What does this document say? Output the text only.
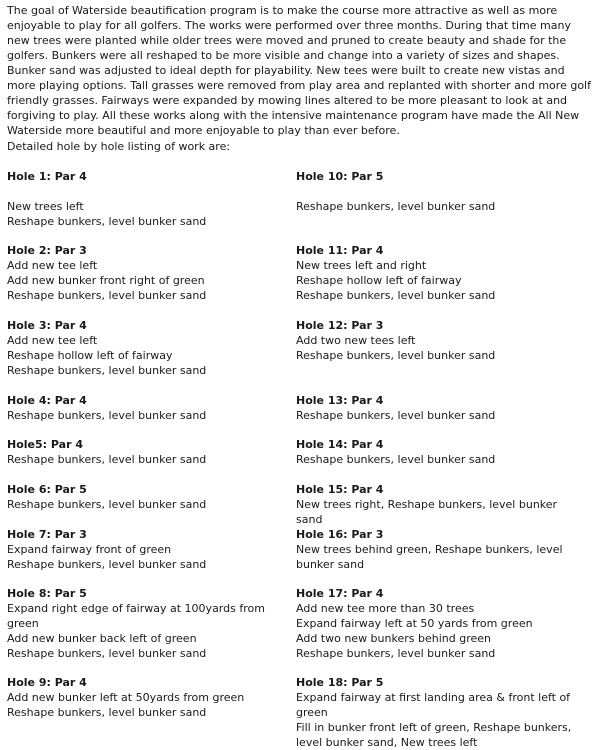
The goal of Waterside beautification program is to make the course more attractive as well as more enjoyable to play for all golfers. The works were performed over three months. During that time many new trees were planted while older trees were moved and pruned to create beauty and shade for the golfers. Bunkers were all reshaped to be more visible and change into a variety of sizes and shapes. Bunker sand was adjusted to ideal depth for playability. New tees were built to create new vistas and more playing options. Tall grasses were removed from play area and replanted with shorter and more golf friendly grasses. Fairways were expanded by mowing lines altered to be more pleasant to look at and forgiving to play. All these works along with the intensive maintenance program have made the All New Waterside more beautiful and more enjoyable to play than ever before.

Detailed hole by hole listing of work are:

Hole 1: Par 4
New trees left
Reshape bunkers, level bunker sand
Hole 2: Par 3
Add new tee left
Add new bunker front right of green
Reshape bunkers, level bunker sand
Hole 3: Par 4
Add new tee left
Reshape hollow left of fairway
Reshape bunkers, level bunker sand
Hole 4: Par 4
Reshape bunkers, level bunker sand
Hole5: Par 4
Reshape bunkers, level bunker sand
Hole 6: Par 5
Reshape bunkers, level bunker sand
Hole 7: Par 3
Expand fairway front of green
Reshape bunkers, level bunker sand
Hole 8: Par 5
Expand right edge of fairway at 100yards from green
Add new bunker back left of green
Reshape bunkers, level bunker sand
Hole 9: Par 4
Add new bunker left at 50yards from green
Reshape bunkers, level bunker sand
Hole 10: Par 5
Reshape bunkers, level bunker sand
Hole 11: Par 4
New trees left and right
Reshape hollow left of fairway
Reshape bunkers, level bunker sand
Hole 12: Par 3
Add two new tees left
Reshape bunkers, level bunker sand
Hole 13: Par 4
Reshape bunkers, level bunker sand
Hole 14: Par 4
Reshape bunkers, level bunker sand
Hole 15: Par 4
New trees right, Reshape bunkers, level bunker sand
Hole 16: Par 3
New trees behind green, Reshape bunkers, level bunker sand
Hole 17: Par 4
Add new tee more than 30 trees
Expand fairway left at 50 yards from green
Add two new bunkers behind green
Reshape bunkers, level bunker sand
Hole 18: Par 5
Expand fairway at first landing area & front left of green
Fill in bunker front left of green, Reshape bunkers, level bunker sand, New trees left
